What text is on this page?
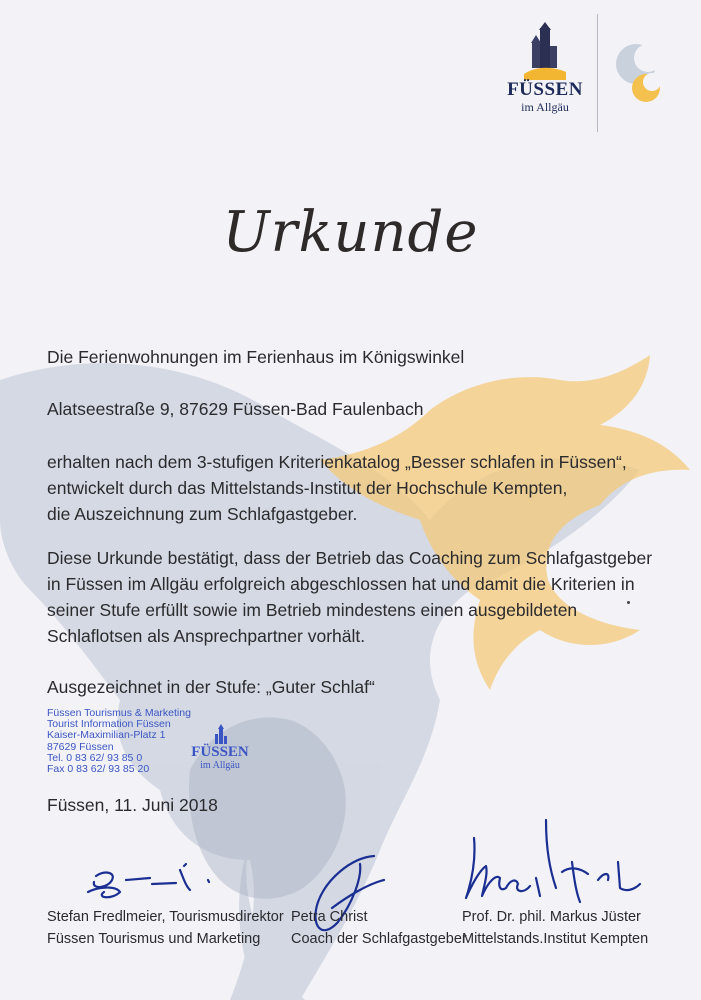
FÜSSEN
im Allgäu
Urkunde
Die Ferienwohnungen im Ferienhaus im Königswinkel
Alatseestraße 9, 87629 Füssen-Bad Faulenbach
erhalten nach dem 3-stufigen Kriterienkatalog „Besser schlafen in Füssen“,
entwickelt durch das Mittelstands-Institut der Hochschule Kempten,
die Auszeichnung zum Schlafgastgeber.
Diese Urkunde bestätigt, dass der Betrieb das Coaching zum Schlafgastgeber
in Füssen im Allgäu erfolgreich abgeschlossen hat und damit die Kriterien in
seiner Stufe erfüllt sowie im Betrieb mindestens einen ausgebildeten
Schlaflotsen als Ansprechpartner vorhält.
Ausgezeichnet in der Stufe: „Guter Schlaf“
Füssen Tourismus & Marketing
Tourist Information Füssen
Kaiser-Maximilian-Platz 1
87629 Füssen
Tel. 0 83 62/ 93 85 0
Fax 0 83 62/ 93 85 20
FÜSSEN
im Allgäu
Füssen, 11. Juni 2018
Stefan Fredlmeier, Tourismusdirektor
Füssen Tourismus und Marketing
Petra Christ
Coach der Schlafgastgeber
Prof. Dr. phil. Markus Jüster
Mittelstands.Institut Kempten
